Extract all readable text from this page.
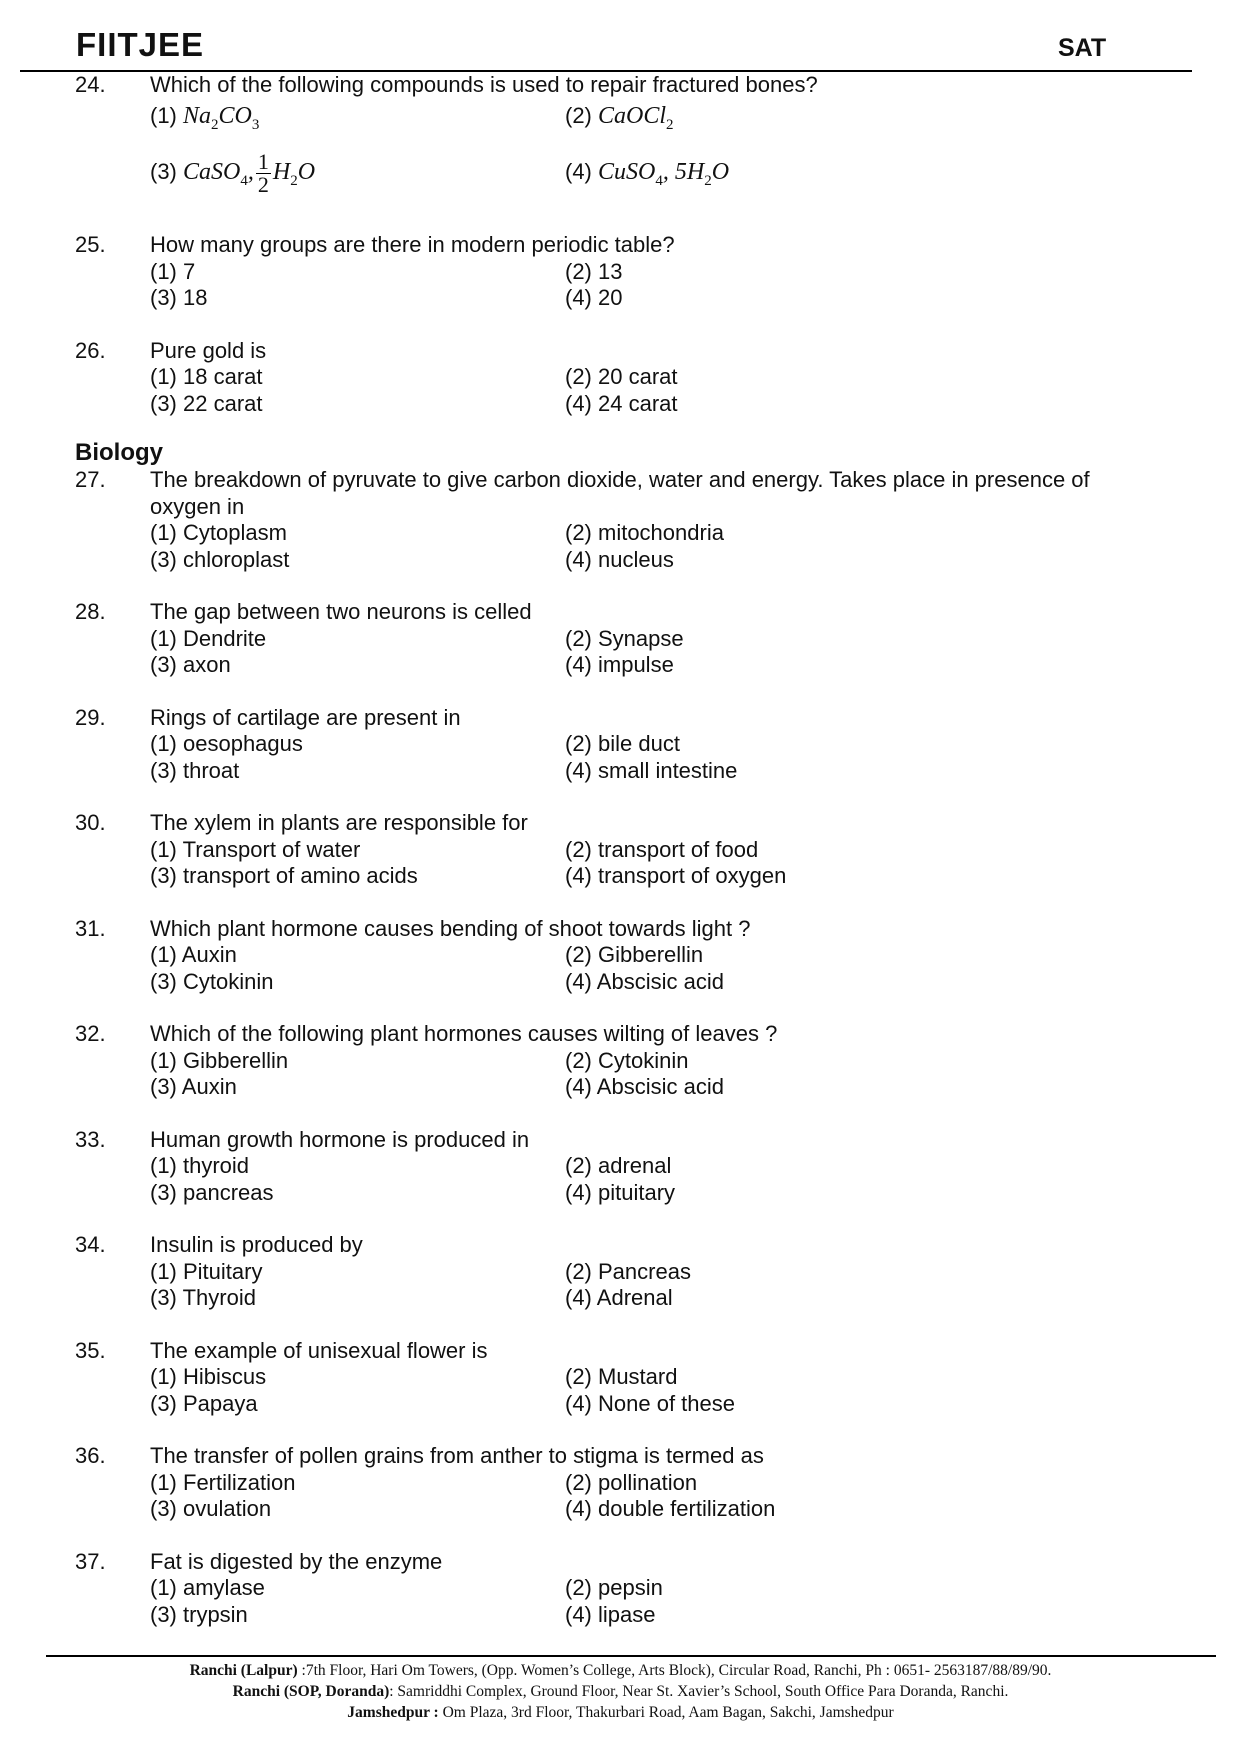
FIITJEE	SAT
24. Which of the following compounds is used to repair fractured bones?
(1) $Na_2CO_3$	(2) CaOCl$_2$
(3) CaSO$_4$, $\frac{1}{2} H_2O$	(4) CuSO$_4$, $5H_2O$
25. How many groups are there in modern periodic table?
(1) 7	(2) 13
(3) 18	(4) 20
26. Pure gold is
(1) 18 carat	(2) 20 carat
(3) 22 carat	(4) 24 carat
Biology
27. The breakdown of pyruvate to give carbon dioxide, water and energy. Takes place in presence of oxygen in
(1) Cytoplasm	(2) mitochondria
(3) chloroplast	(4) nucleus
28. The gap between two neurons is celled
(1) Dendrite	(2) Synapse
(3) axon	(4) impulse
29. Rings of cartilage are present in
(1) oesophagus	(2) bile duct
(3) throat	(4) small intestine
30. The xylem in plants are responsible for
(1) Transport of water	(2) transport of food
(3) transport of amino acids	(4) transport of oxygen
31. Which plant hormone causes bending of shoot towards light ?
(1) Auxin	(2) Gibberellin
(3) Cytokinin	(4) Abscisic acid
32. Which of the following plant hormones causes wilting of leaves ?
(1) Gibberellin	(2) Cytokinin
(3) Auxin	(4) Abscisic acid
33. Human growth hormone is produced in
(1) thyroid	(2) adrenal
(3) pancreas	(4) pituitary
34. Insulin is produced by
(1) Pituitary	(2) Pancreas
(3) Thyroid	(4) Adrenal
35. The example of unisexual flower is
(1) Hibiscus	(2) Mustard
(3) Papaya	(4) None of these
36. The transfer of pollen grains from anther to stigma is termed as
(1) Fertilization	(2) pollination
(3) ovulation	(4) double fertilization
37. Fat is digested by the enzyme
(1) amylase	(2) pepsin
(3) trypsin	(4) lipase
Ranchi (Lalpur) :7th Floor, Hari Om Towers, (Opp. Women’s College, Arts Block), Circular Road, Ranchi, Ph : 0651- 2563187/88/89/90.
Ranchi (SOP, Doranda): Samriddhi Complex, Ground Floor, Near St. Xavier’s School, South Office Para Doranda, Ranchi.
Jamshedpur : Om Plaza, 3rd Floor, Thakurbari Road, Aam Bagan, Sakchi, Jamshedpur
